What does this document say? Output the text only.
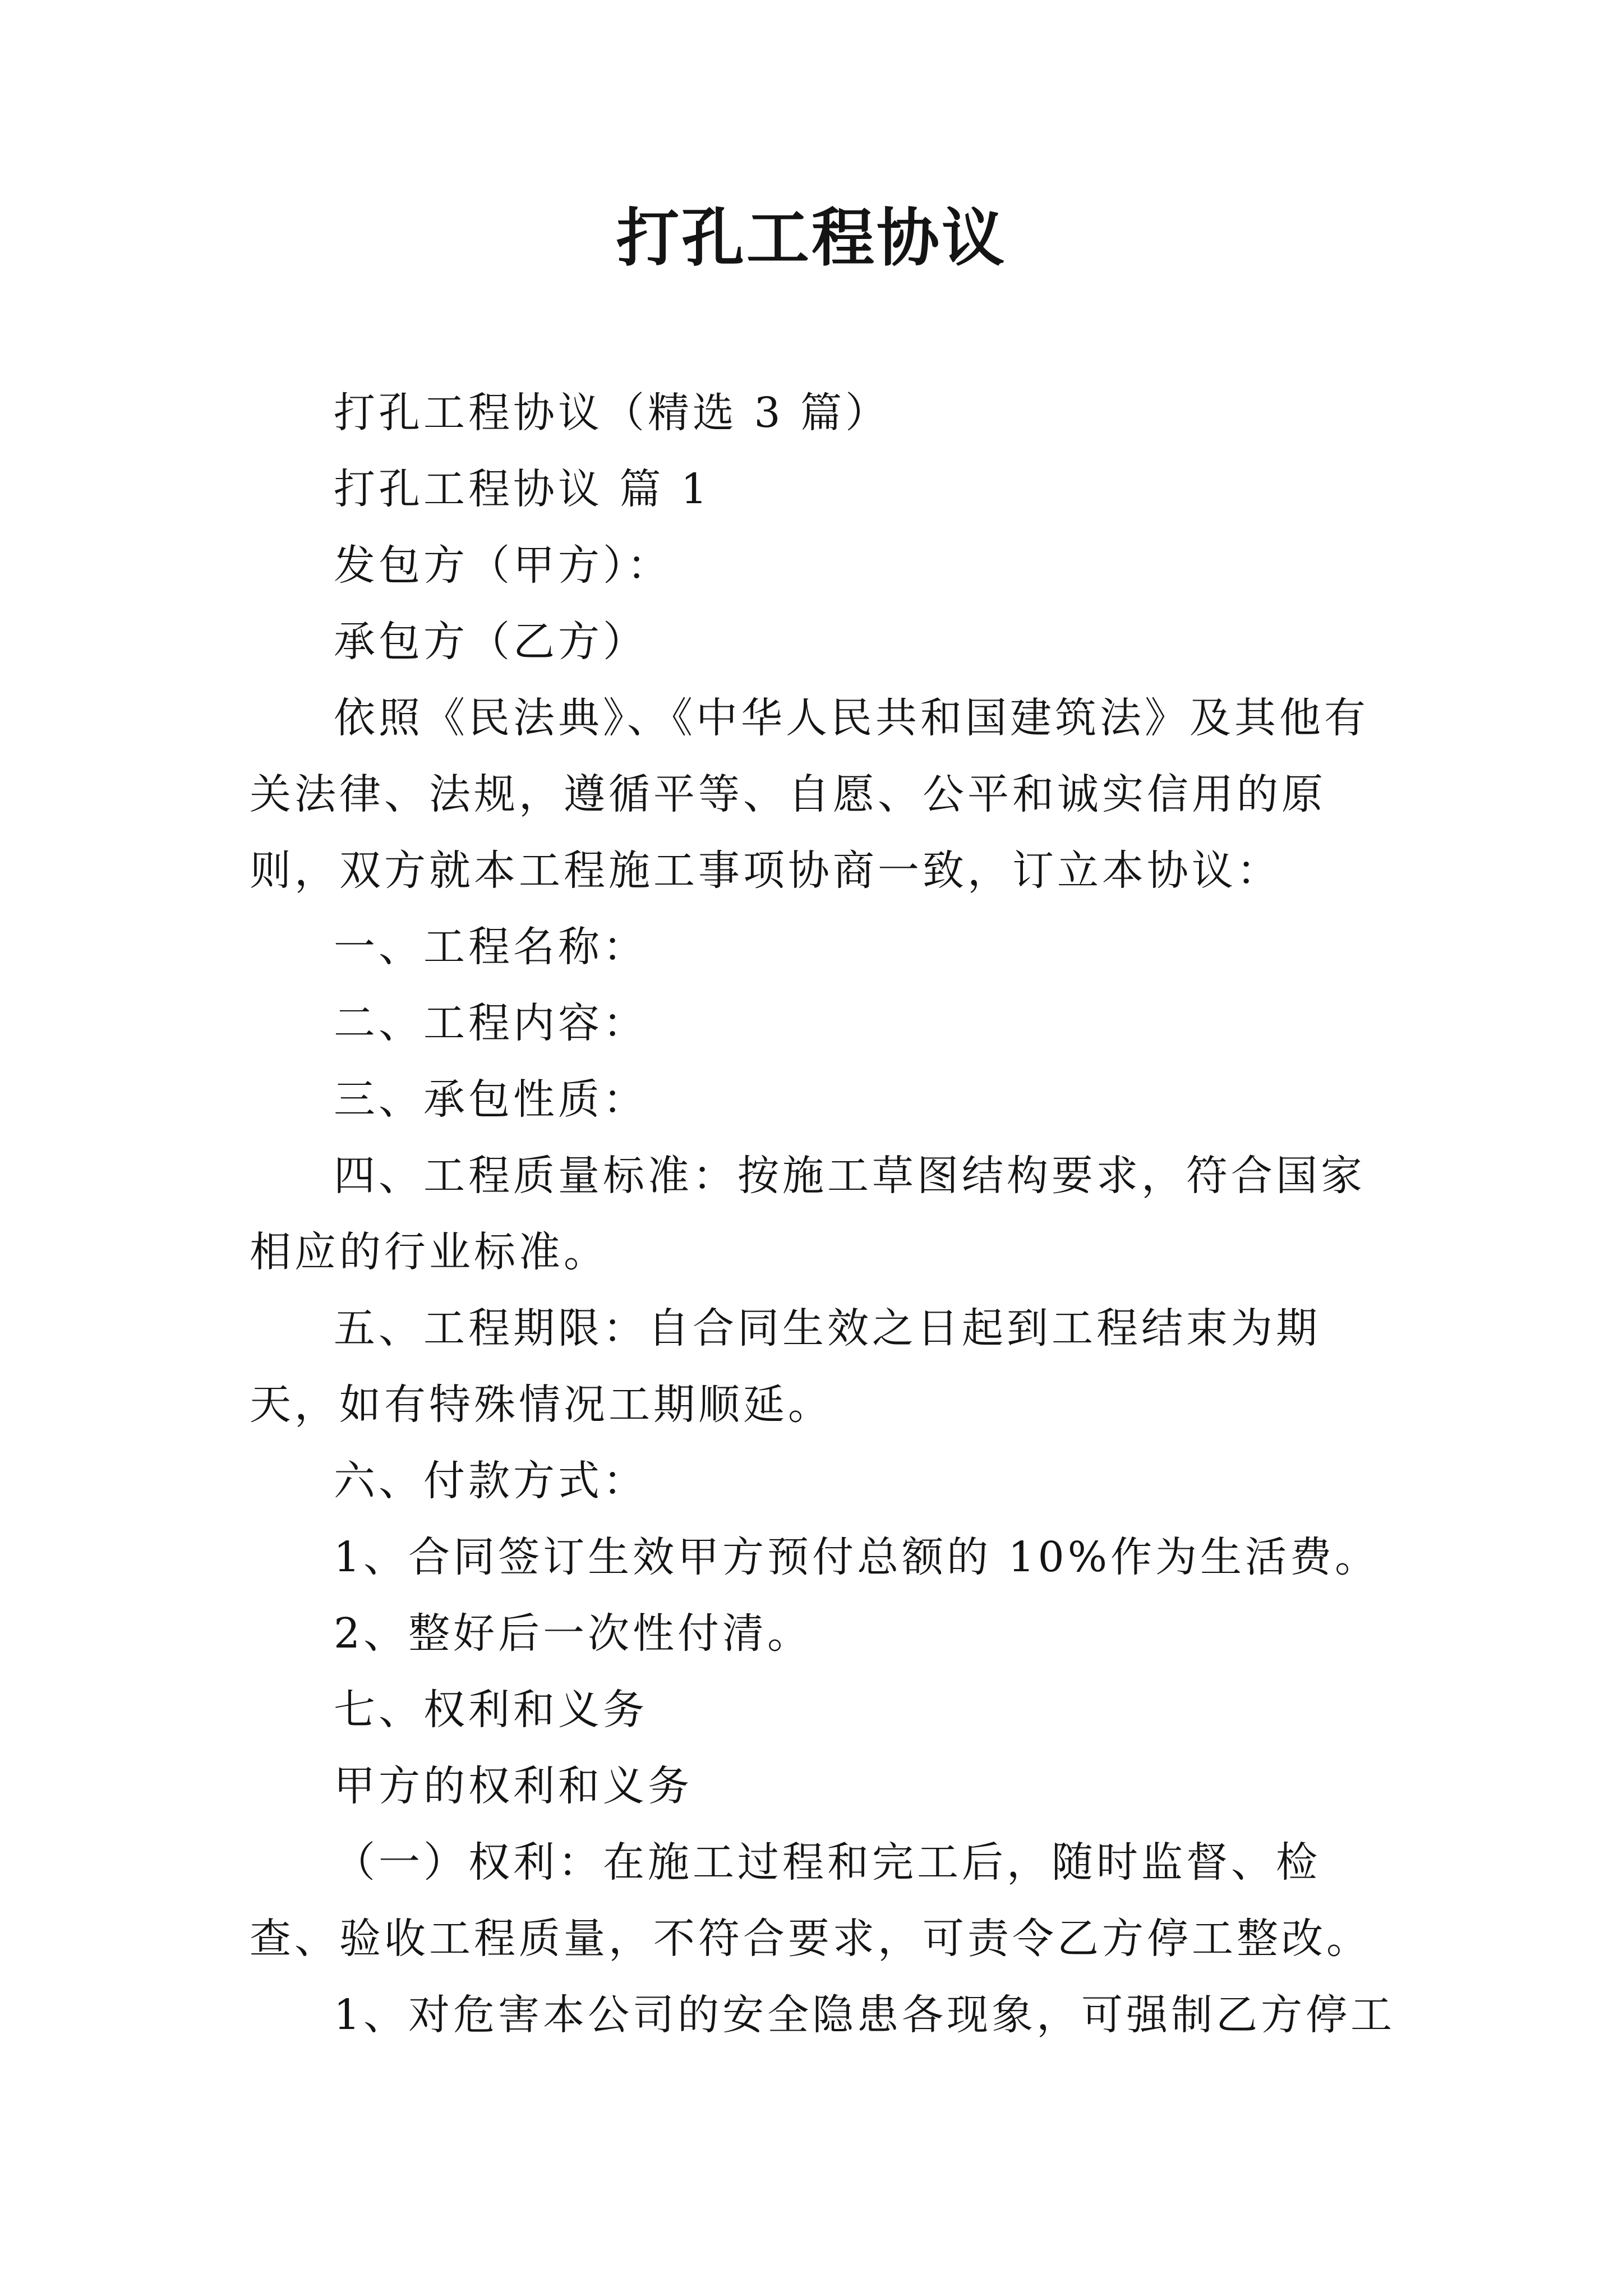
打孔工程协议

打孔工程协议（精选 3 篇）

打孔工程协议 篇 1

发包方（甲方）：

承包方（乙方）

依照《民法典》、《中华人民共和国建筑法》及其他有关法律、法规，遵循平等、自愿、公平和诚实信用的原则，双方就本工程施工事项协商一致，订立本协议：

一、工程名称：

二、工程内容：

三、承包性质：

四、工程质量标准：按施工草图结构要求，符合国家相应的行业标准。

五、工程期限：自合同生效之日起到工程结束为期天，如有特殊情况工期顺延。

六、付款方式：

1、合同签订生效甲方预付总额的 10%作为生活费。

2、整好后一次性付清。

七、权利和义务

甲方的权利和义务

（一）权利：在施工过程和完工后，随时监督、检查、验收工程质量，不符合要求，可责令乙方停工整改。

1、对危害本公司的安全隐患各现象，可强制乙方停工
